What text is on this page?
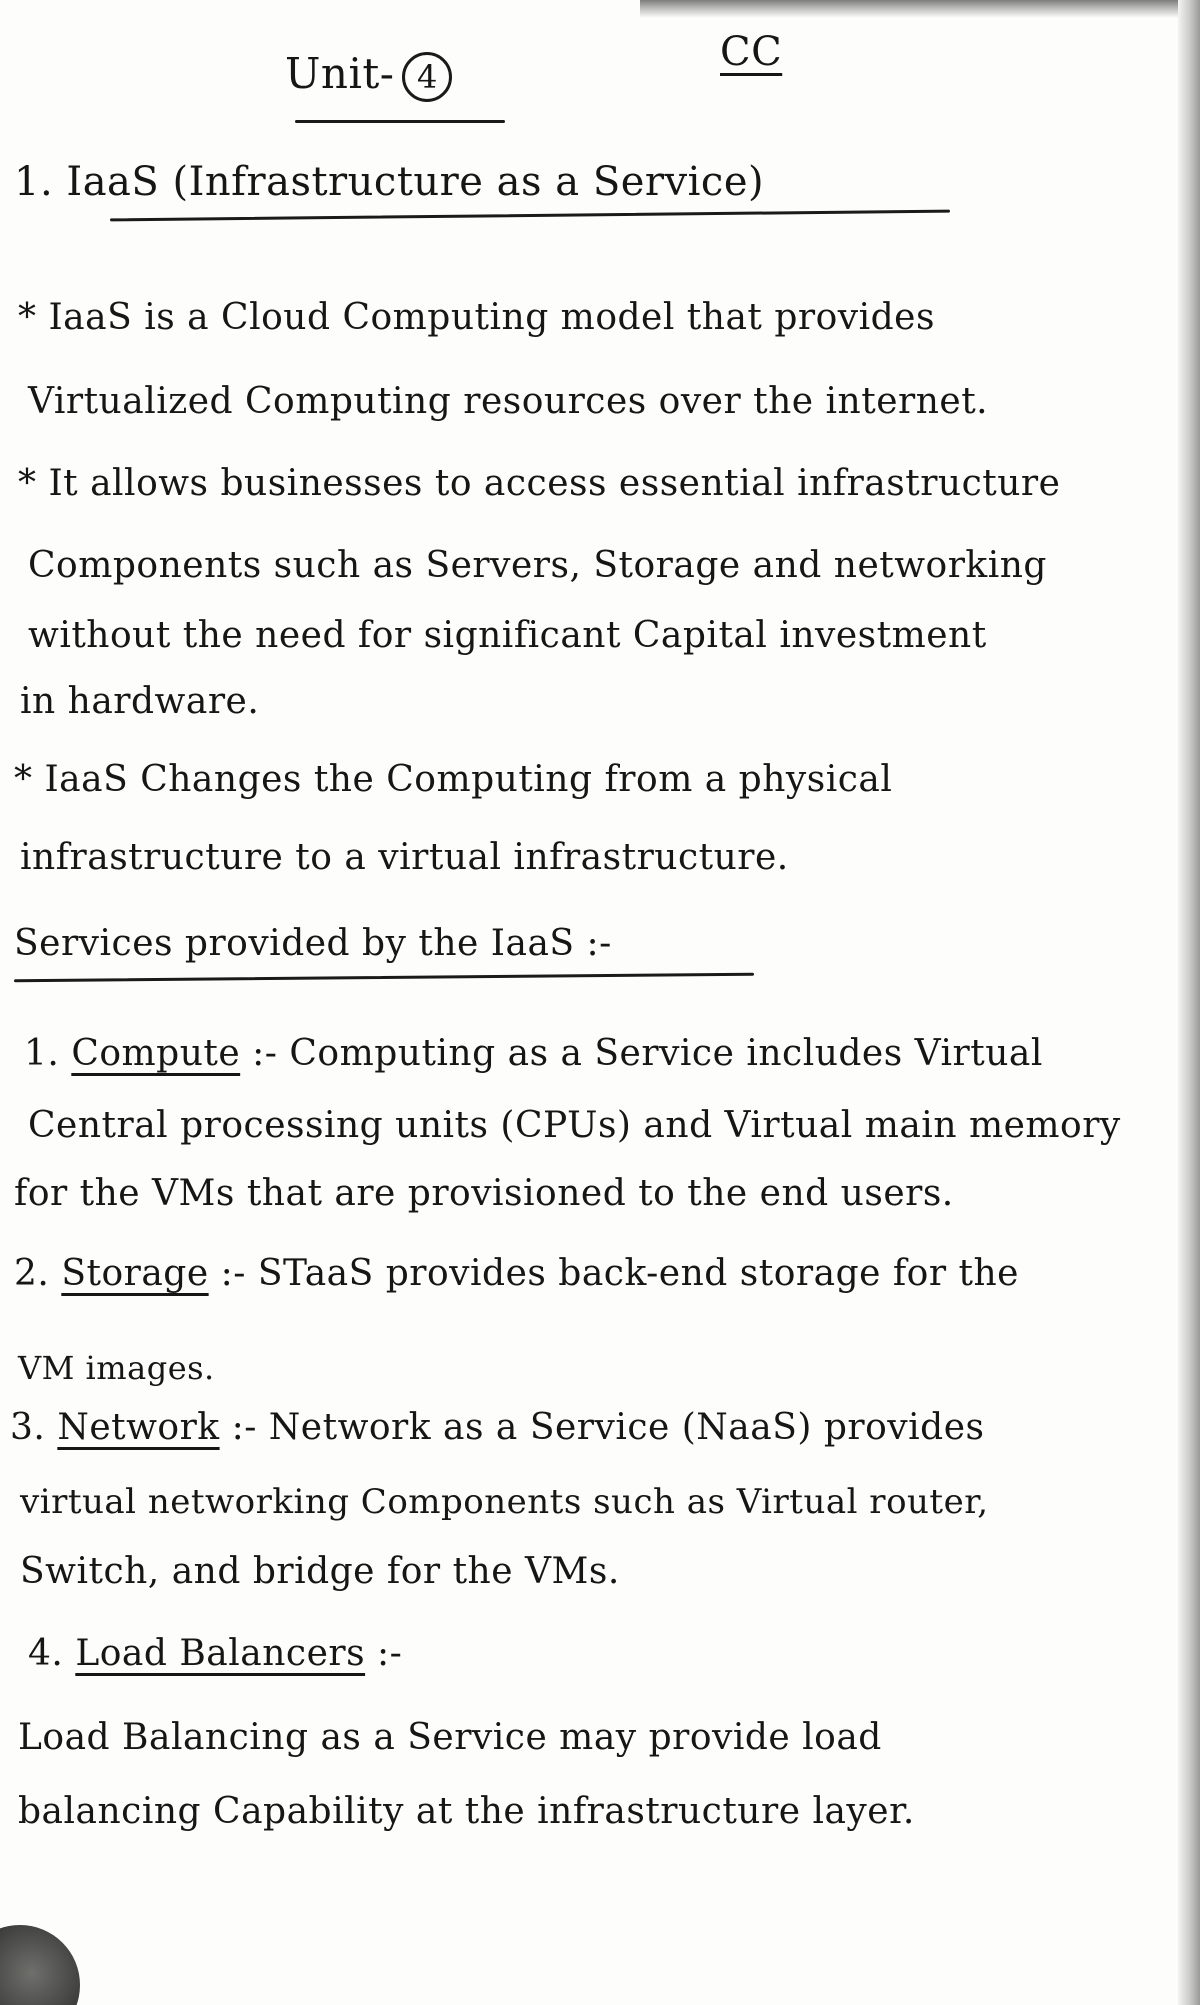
Unit- 4
CC
1. IaaS (Infrastructure as a Service)
* IaaS is a Cloud Computing model that provides
Virtualized Computing resources over the internet.
* It allows businesses to access essential infrastructure
Components such as Servers, Storage and networking
without the need for significant Capital investment
in hardware.
* IaaS Changes the Computing from a physical
infrastructure to a virtual infrastructure.
Services provided by the IaaS :-
1. Compute :- Computing as a Service includes Virtual
Central processing units (CPUs) and Virtual main memory
for the VMs that are provisioned to the end users.
2. Storage :- STaaS provides back-end storage for the
VM images.
3. Network :- Network as a Service (NaaS) provides
virtual networking Components such as Virtual router,
Switch, and bridge for the VMs.
4. Load Balancers :-
Load Balancing as a Service may provide load
balancing Capability at the infrastructure layer.
